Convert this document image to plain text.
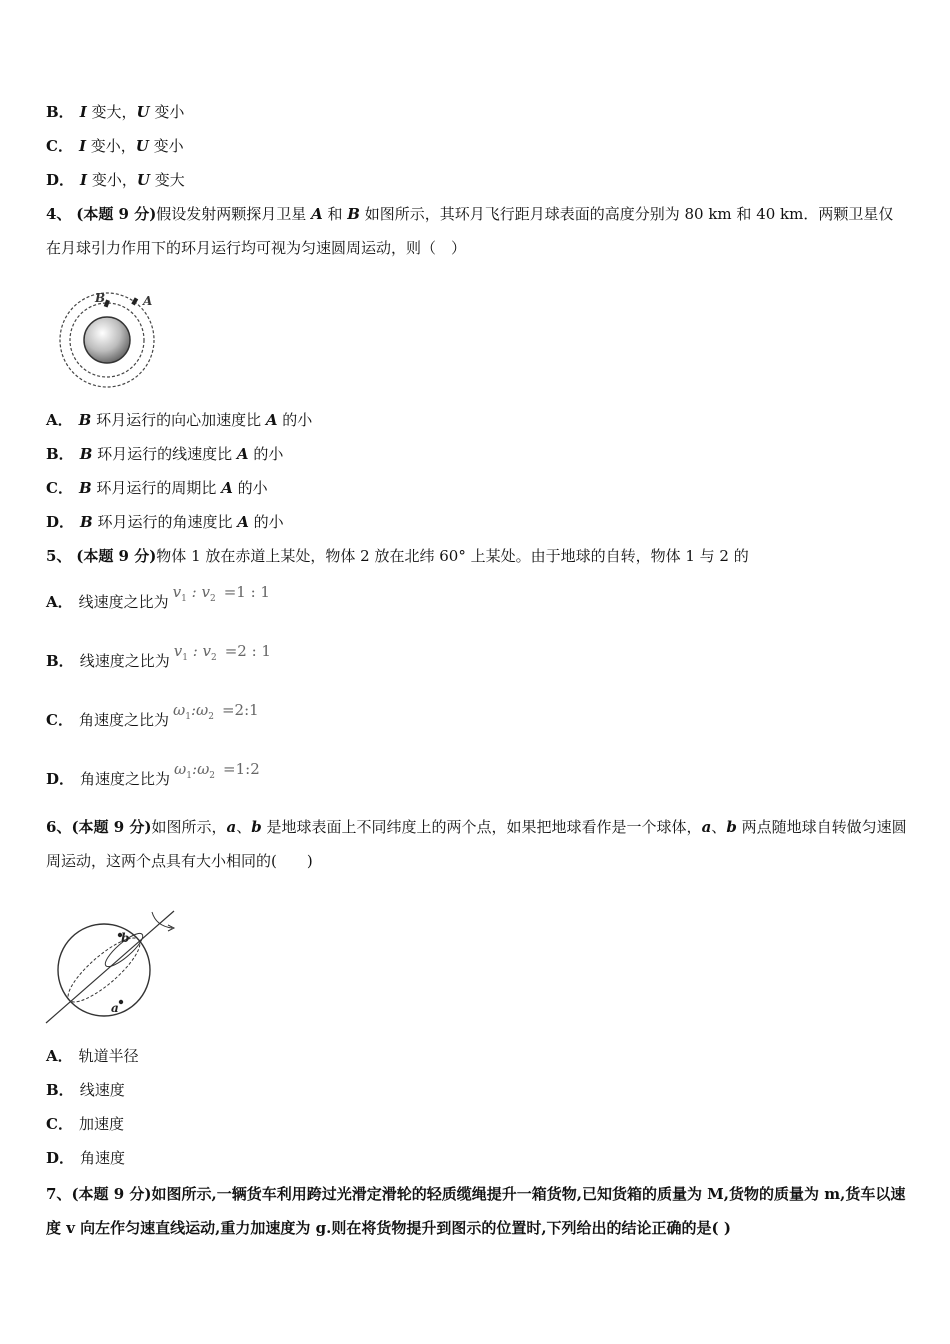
B． I 变大，U 变小
C． I 变小，U 变小
D． I 变小，U 变大
4、 (本题 9 分)假设发射两颗探月卫星 A 和 B 如图所示，其环月飞行距月球表面的高度分别为 80 km 和 40 km．两颗卫星仅在月球引力作用下的环月运行均可视为匀速圆周运动，则（　）
B	A
A． B 环月运行的向心加速度比 A 的小
B． B 环月运行的线速度比 A 的小
C． B 环月运行的周期比 A 的小
D． B 环月运行的角速度比 A 的小
5、 (本题 9 分)物体 1 放在赤道上某处，物体 2 放在北纬 60° 上某处。由于地球的自转，物体 1 与 2 的
A． 线速度之比为$v_1$ : $v_2 =1$ : 1
B． 线速度之比为$v_1$ : $v_2 =2$ : 1
C． 角速度之比为$\omega_1:\omega_2$ =2:1
D． 角速度之比为$\omega_1:\omega_2$ =1:2
6、(本题 9 分)如图所示，a、b 是地球表面上不同纬度上的两个点，如果把地球看作是一个球体，a、b 两点随地球自转做匀速圆周运动，这两个点具有大小相同的(　　)
b
a
A． 轨道半径
B． 线速度
C． 加速度
D． 角速度
7、(本题 9 分)如图所示,一辆货车利用跨过光滑定滑轮的轻质缆绳提升一箱货物,已知货箱的质量为 M,货物的质量为 m,货车以速度 v 向左作匀速直线运动,重力加速度为 g.则在将货物提升到图示的位置时,下列给出的结论正确的是( )
